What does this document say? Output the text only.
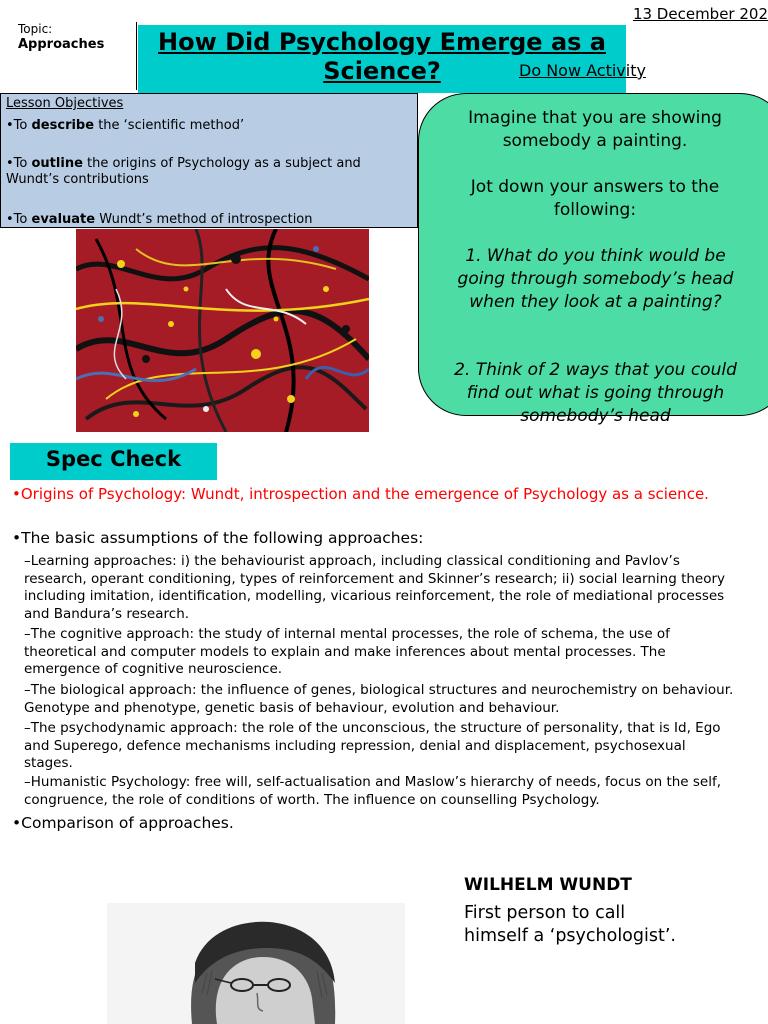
13 December 202
Topic:
Approaches	How Did Psychology Emerge as a Science?	Do Now Activity
Lesson Objectives
•To describe the ‘scientific method’
•To outline the origins of Psychology as a subject and Wundt’s contributions
•To evaluate Wundt’s method of introspection
Imagine that you are showing somebody a painting.
Jot down your answers to the following:
1. What do you think would be going through somebody’s head when they look at a painting?
2. Think of 2 ways that you could find out what is going through somebody’s head
Spec Check
•Origins of Psychology: Wundt, introspection and the emergence of Psychology as a science.
•The basic assumptions of the following approaches:
–Learning approaches: i) the behaviourist approach, including classical conditioning and Pavlov’s research, operant conditioning, types of reinforcement and Skinner’s research; ii) social learning theory including imitation, identification, modelling, vicarious reinforcement, the role of mediational processes and Bandura’s research.
–The cognitive approach: the study of internal mental processes, the role of schema, the use of theoretical and computer models to explain and make inferences about mental processes. The emergence of cognitive neuroscience.
–The biological approach: the influence of genes, biological structures and neurochemistry on behaviour. Genotype and phenotype, genetic basis of behaviour, evolution and behaviour.
–The psychodynamic approach: the role of the unconscious, the structure of personality, that is Id, Ego and Superego, defence mechanisms including repression, denial and displacement, psychosexual stages.
–Humanistic Psychology: free will, self-actualisation and Maslow’s hierarchy of needs, focus on the self, congruence, the role of conditions of worth. The influence on counselling Psychology.
•Comparison of approaches.
WILHELM WUNDT
First person to call himself a ‘psychologist’.
